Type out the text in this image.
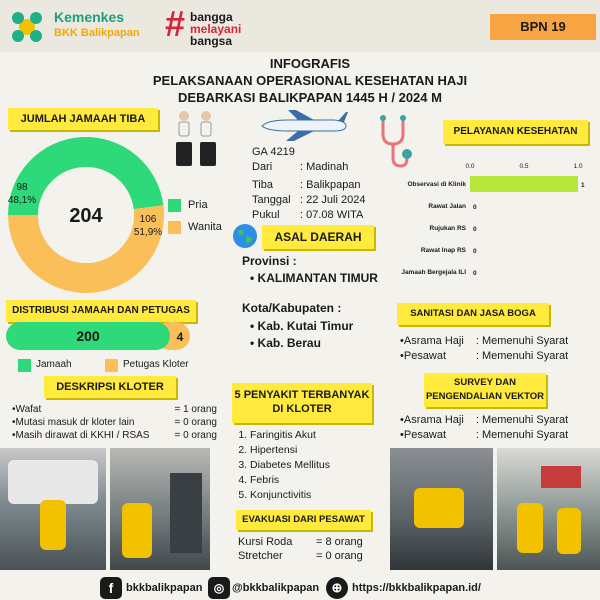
Kemenkes
BKK Balikpapan # bangga
melayani
bangsa
BPN 19
INFOGRAFIS
PELAKSANAAN OPERASIONAL KESEHATAN HAJI
DEBARKASI BALIKPAPAN 1445 H / 2024 M
JUMLAH JAMAAH TIBA
204
98
48,1%
106
51,9%
Pria
Wanita
GA 4219
Dari	: Madinah
Tiba	: Balikpapan
Tanggal : 22 Juli 2024
Pukul	: 07.08 WITA
PELAYANAN KESEHATAN
0.0	0.5	1.0
Observasi di Klinik	1
Rawat Jalan 0
Rujukan RS 0
Rawat Inap RS 0
Jamaah Bergejala ILI 0
ASAL DAERAH
Provinsi :
• KALIMANTAN TIMUR
Kota/Kabupaten :
• Kab. Kutai Timur
• Kab. Berau
DISTRIBUSI JAMAAH DAN PETUGAS
200	4
Jamaah	Petugas Kloter
DESKRIPSI KLOTER
•
Wafat	= 1 orang
•
Mutasi masuk dr kloter lain	= 0 orang
•
Masih dirawat di KKHI / RSAS	= 0 orang
5 PENYAKIT TERBANYAK DI KLOTER
1. Faringitis Akut
2. Hipertensi
3. Diabetes Mellitus
4. Febris
5. Konjunctivitis
EVAKUASI DARI PESAWAT
Kursi Roda	= 8 orang
Stretcher	= 0 orang
SANITASI DAN JASA BOGA
•
Asrama Haji	: Memenuhi Syarat
•
Pesawat	: Memenuhi Syarat
SURVEY DAN
PENGENDALIAN VEKTOR
•
Asrama Haji	: Memenuhi Syarat
•
Pesawat	: Memenuhi Syarat
f	bkkbalikpapan ◎ @bkkbalikpapan ⊕ https://bkkbalikpapan.id/
